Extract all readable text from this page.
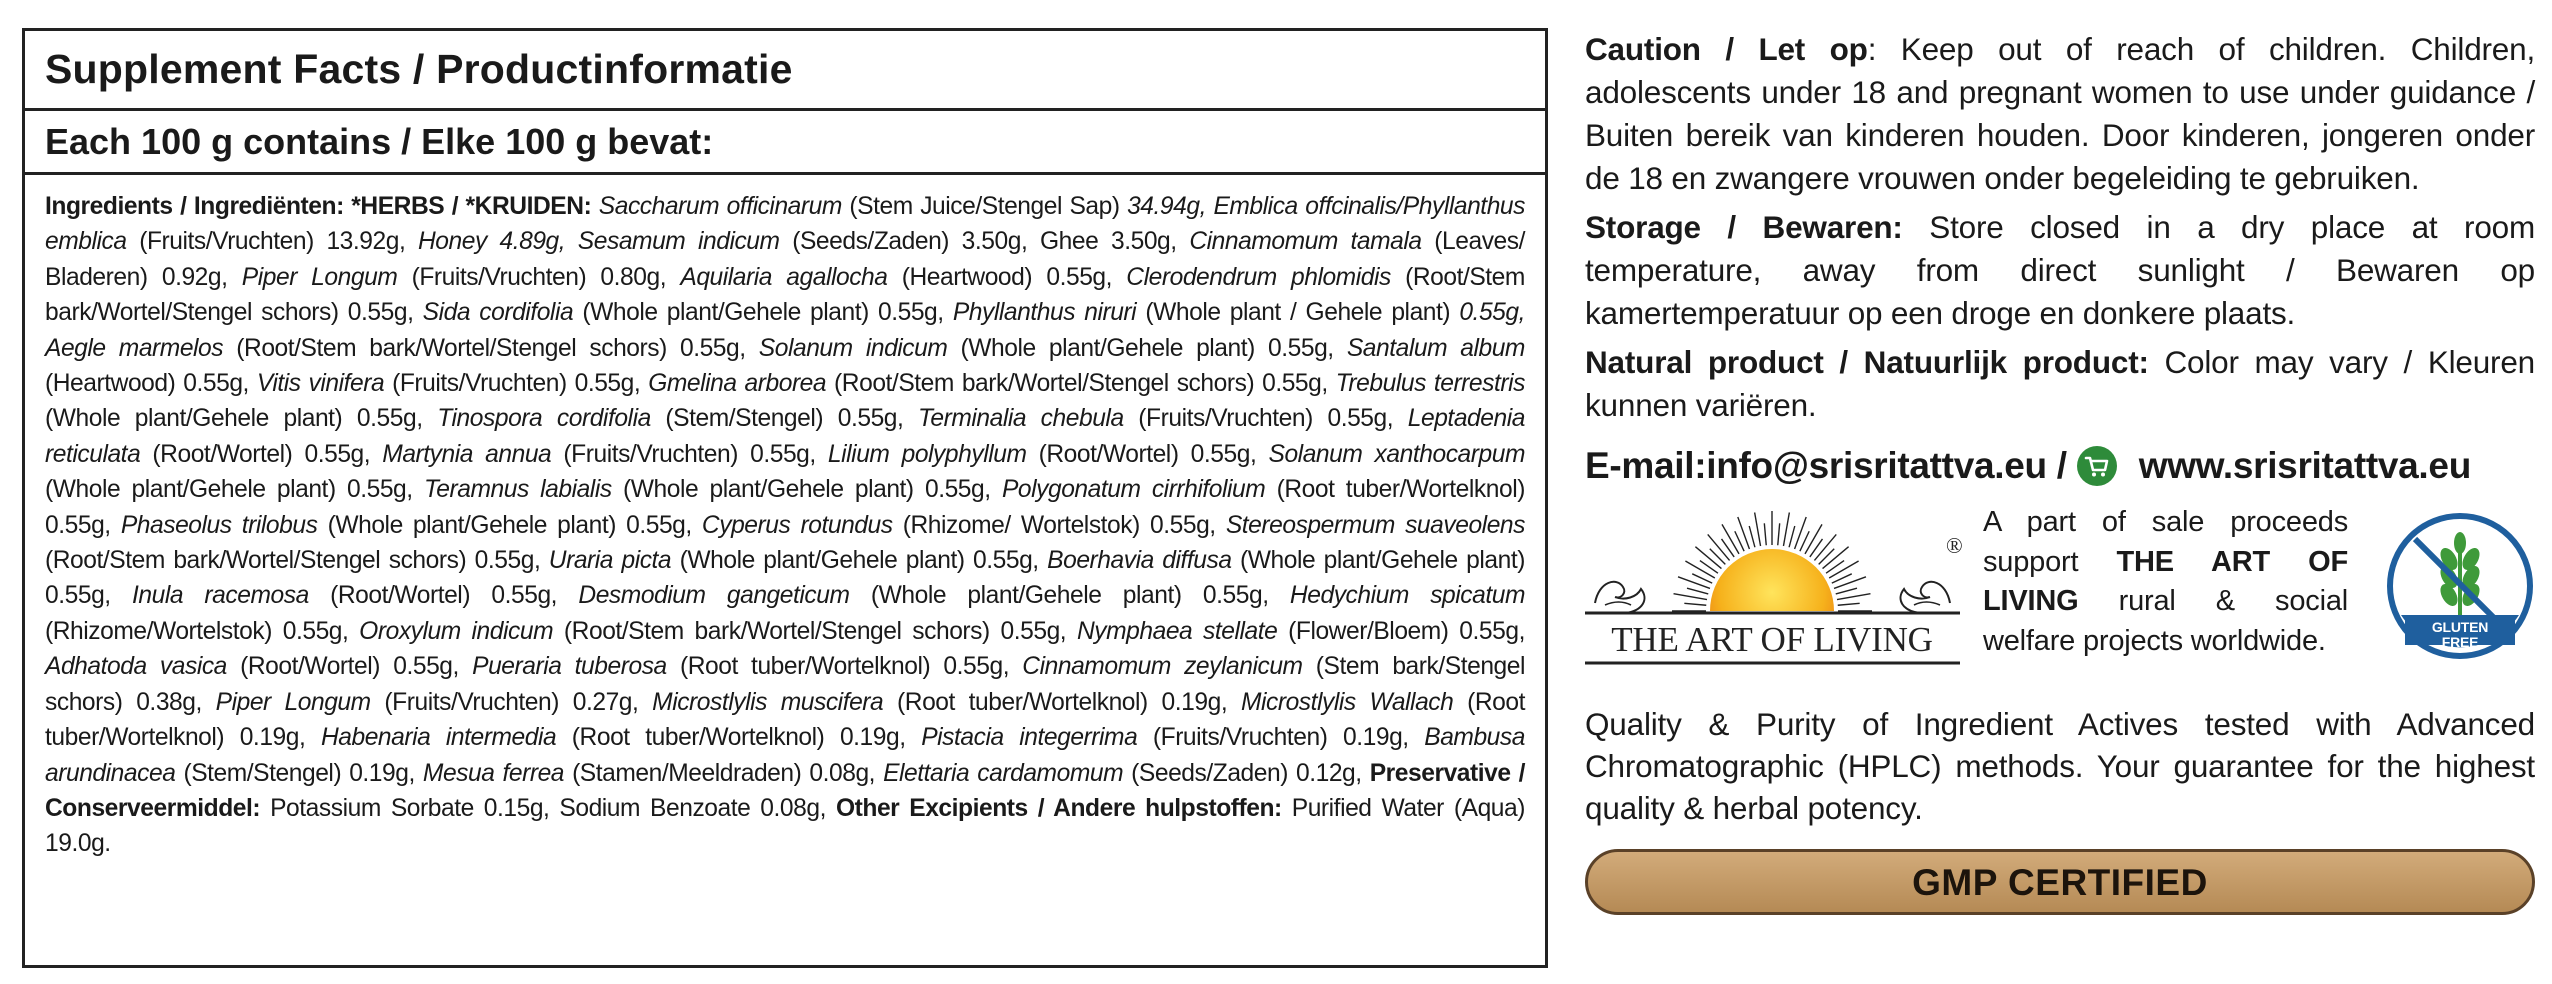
Supplement Facts / Productinformatie
Each 100 g contains / Elke 100 g bevat:
Ingredients / Ingrediënten: *HERBS / *KRUIDEN: Saccharum officinarum (Stem Juice/Stengel Sap) 34.94g, Emblica offcinalis/Phyllanthus emblica (Fruits/Vruchten) 13.92g, Honey 4.89g, Sesamum indicum (Seeds/Zaden) 3.50g, Ghee 3.50g, Cinnamomum tamala (Leaves/ Bladeren) 0.92g, Piper Longum (Fruits/Vruchten) 0.80g, Aquilaria agallocha (Heartwood) 0.55g, Clerodendrum phlomidis (Root/Stem bark/Wortel/Stengel schors) 0.55g, Sida cordifolia (Whole plant/Gehele plant) 0.55g, Phyllanthus niruri (Whole plant / Gehele plant) 0.55g, Aegle marmelos (Root/Stem bark/Wortel/Stengel schors) 0.55g, Solanum indicum (Whole plant/Gehele plant) 0.55g, Santalum album (Heartwood) 0.55g, Vitis vinifera (Fruits/Vruchten) 0.55g, Gmelina arborea (Root/Stem bark/Wortel/Stengel schors) 0.55g, Trebulus terrestris (Whole plant/Gehele plant) 0.55g, Tinospora cordifolia (Stem/Stengel) 0.55g, Terminalia chebula (Fruits/Vruchten) 0.55g, Leptadenia reticulata (Root/Wortel) 0.55g, Martynia annua (Fruits/Vruchten) 0.55g, Lilium polyphyllum (Root/Wortel) 0.55g, Solanum xanthocarpum (Whole plant/Gehele plant) 0.55g, Teramnus labialis (Whole plant/Gehele plant) 0.55g, Polygonatum cirrhifolium (Root tuber/Wortelknol) 0.55g, Phaseolus trilobus (Whole plant/Gehele plant) 0.55g, Cyperus rotundus (Rhizome/ Wortelstok) 0.55g, Stereospermum suaveolens (Root/Stem bark/Wortel/Stengel schors) 0.55g, Uraria picta (Whole plant/Gehele plant) 0.55g, Boerhavia diffusa (Whole plant/Gehele plant) 0.55g, Inula racemosa (Root/Wortel) 0.55g, Desmodium gangeticum (Whole plant/Gehele plant) 0.55g, Hedychium spicatum (Rhizome/Wortelstok) 0.55g, Oroxylum indicum (Root/Stem bark/Wortel/Stengel schors) 0.55g, Nymphaea stellate (Flower/Bloem) 0.55g, Adhatoda vasica (Root/Wortel) 0.55g, Pueraria tuberosa (Root tuber/Wortelknol) 0.55g, Cinnamomum zeylanicum (Stem bark/Stengel schors) 0.38g, Piper Longum (Fruits/Vruchten) 0.27g, Microstlylis muscifera (Root tuber/Wortelknol) 0.19g, Microstlylis Wallach (Root tuber/Wortelknol) 0.19g, Habenaria intermedia (Root tuber/Wortelknol) 0.19g, Pistacia integerrima (Fruits/Vruchten) 0.19g, Bambusa arundinacea (Stem/Stengel) 0.19g, Mesua ferrea (Stamen/Meeldraden) 0.08g, Elettaria cardamomum (Seeds/Zaden) 0.12g, Preservative / Conserveermiddel: Potassium Sorbate 0.15g, Sodium Benzoate 0.08g, Other Excipients / Andere hulpstoffen: Purified Water (Aqua) 19.0g.

Caution / Let op: Keep out of reach of children. Children, adolescents under 18 and pregnant women to use under guidance / Buiten bereik van kinderen houden. Door kinderen, jongeren onder de 18 en zwangere vrouwen onder begeleiding te gebruiken.

Storage / Bewaren: Store closed in a dry place at room temperature, away from direct sunlight / Bewaren op kamertemperatuur op een droge en donkere plaats.

Natural product / Natuurlijk product: Color may vary / Kleuren kunnen variëren.

E-mail:info@srisritattva.eu / www.srisritattva.eu
®
THE ART OF LIVING
A part of sale proceeds support THE ART OF LIVING rural & social welfare projects worldwide.	GLUTEN
FREE
Quality & Purity of Ingredient Actives tested with Advanced Chromatographic (HPLC) methods. Your guarantee for the highest quality & herbal potency.
GMP CERTIFIED
